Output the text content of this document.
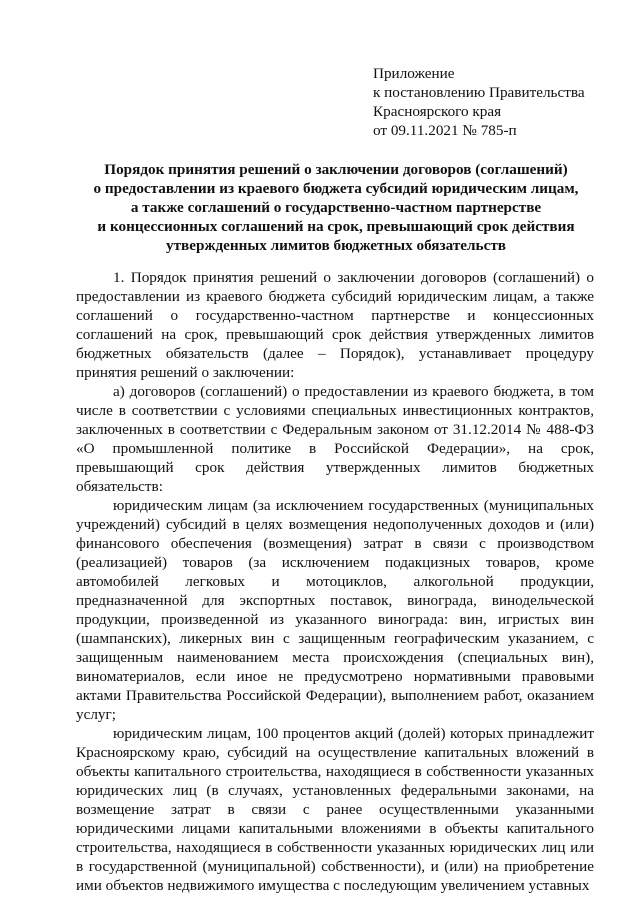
Приложение
к постановлению Правительства
Красноярского края
от 09.11.2021 № 785-п
Порядок принятия решений о заключении договоров (соглашений)
о предоставлении из краевого бюджета субсидий юридическим лицам,
а также соглашений о государственно-частном партнерстве
и концессионных соглашений на срок, превышающий срок действия
утвержденных лимитов бюджетных обязательств

1. Порядок принятия решений о заключении договоров (соглашений) о предоставлении из краевого бюджета субсидий юридическим лицам, а также соглашений о государственно-частном партнерстве и концессионных соглашений на срок, превышающий срок действия утвержденных лимитов бюджетных обязательств (далее – Порядок), устанавливает процедуру принятия решений о заключении:

а) договоров (соглашений) о предоставлении из краевого бюджета, в том числе в соответствии с условиями специальных инвестиционных контрактов, заключенных в соответствии с Федеральным законом от 31.12.2014 № 488-ФЗ «О промышленной политике в Российской Федерации», на срок, превышающий срок действия утвержденных лимитов бюджетных обязательств:

юридическим лицам (за исключением государственных (муниципальных учреждений) субсидий в целях возмещения недополученных доходов и (или) финансового обеспечения (возмещения) затрат в связи с производством (реализацией) товаров (за исключением подакцизных товаров, кроме автомобилей легковых и мотоциклов, алкогольной продукции, предназначенной для экспортных поставок, винограда, винодельческой продукции, произведенной из указанного винограда: вин, игристых вин (шампанских), ликерных вин с защищенным географическим указанием, с защищенным наименованием места происхождения (специальных вин), виноматериалов, если иное не предусмотрено нормативными правовыми актами Правительства Российской Федерации), выполнением работ, оказанием услуг;

юридическим лицам, 100 процентов акций (долей) которых принадлежит Красноярскому краю, субсидий на осуществление капитальных вложений в объекты капитального строительства, находящиеся в собственности указанных юридических лиц (в случаях, установленных федеральными законами, на возмещение затрат в связи с ранее осуществленными указанными юридическими лицами капитальными вложениями в объекты капитального строительства, находящиеся в собственности указанных юридических лиц или в государственной (муниципальной) собственности), и (или) на приобретение ими объектов недвижимого имущества с последующим увеличением уставных
